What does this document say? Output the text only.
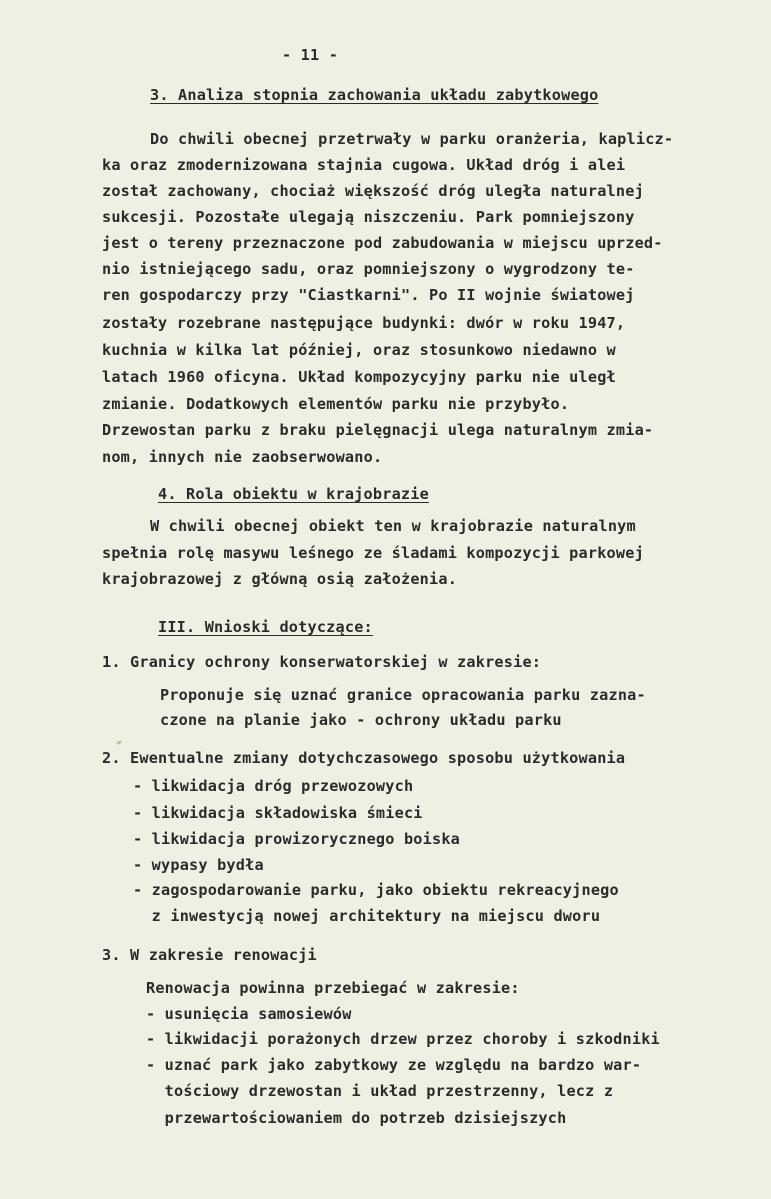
- 11 -
3. Analiza stopnia zachowania układu zabytkowego
Do chwili obecnej przetrwały w parku oranżeria, kaplicz-
ka oraz zmodernizowana stajnia cugowa. Układ dróg i alei
został zachowany, chociaż większość dróg uległa naturalnej
sukcesji. Pozostałe ulegają niszczeniu. Park pomniejszony
jest o tereny przeznaczone pod zabudowania w miejscu uprzed-
nio istniejącego sadu, oraz pomniejszony o wygrodzony te-
ren gospodarczy przy "Ciastkarni". Po II wojnie światowej
zostały rozebrane następujące budynki: dwór w roku 1947,
kuchnia w kilka lat później, oraz stosunkowo niedawno w
latach 1960 oficyna. Układ kompozycyjny parku nie uległ
zmianie. Dodatkowych elementów parku nie przybyło.
Drzewostan parku z braku pielęgnacji ulega naturalnym zmia-
nom, innych nie zaobserwowano.
4. Rola obiektu w krajobrazie
W chwili obecnej obiekt ten w krajobrazie naturalnym
spełnia rolę masywu leśnego ze śladami kompozycji parkowej
krajobrazowej z główną osią założenia.
III. Wnioski dotyczące:
1. Granicy ochrony konserwatorskiej w zakresie:
Proponuje się uznać granice opracowania parku zazna-
czone na planie jako - ochrony układu parku
2. Ewentualne zmiany dotychczasowego sposobu użytkowania
- likwidacja dróg przewozowych
- likwidacja składowiska śmieci
- likwidacja prowizorycznego boiska
- wypasy bydła
- zagospodarowanie parku, jako obiektu rekreacyjnego
z inwestycją nowej architektury na miejscu dworu
3. W zakresie renowacji
Renowacja powinna przebiegać w zakresie:
- usunięcia samosiewów
- likwidacji porażonych drzew przez choroby i szkodniki
- uznać park jako zabytkowy ze względu na bardzo war-
tościowy drzewostan i układ przestrzenny, lecz z
przewartościowaniem do potrzeb dzisiejszych
